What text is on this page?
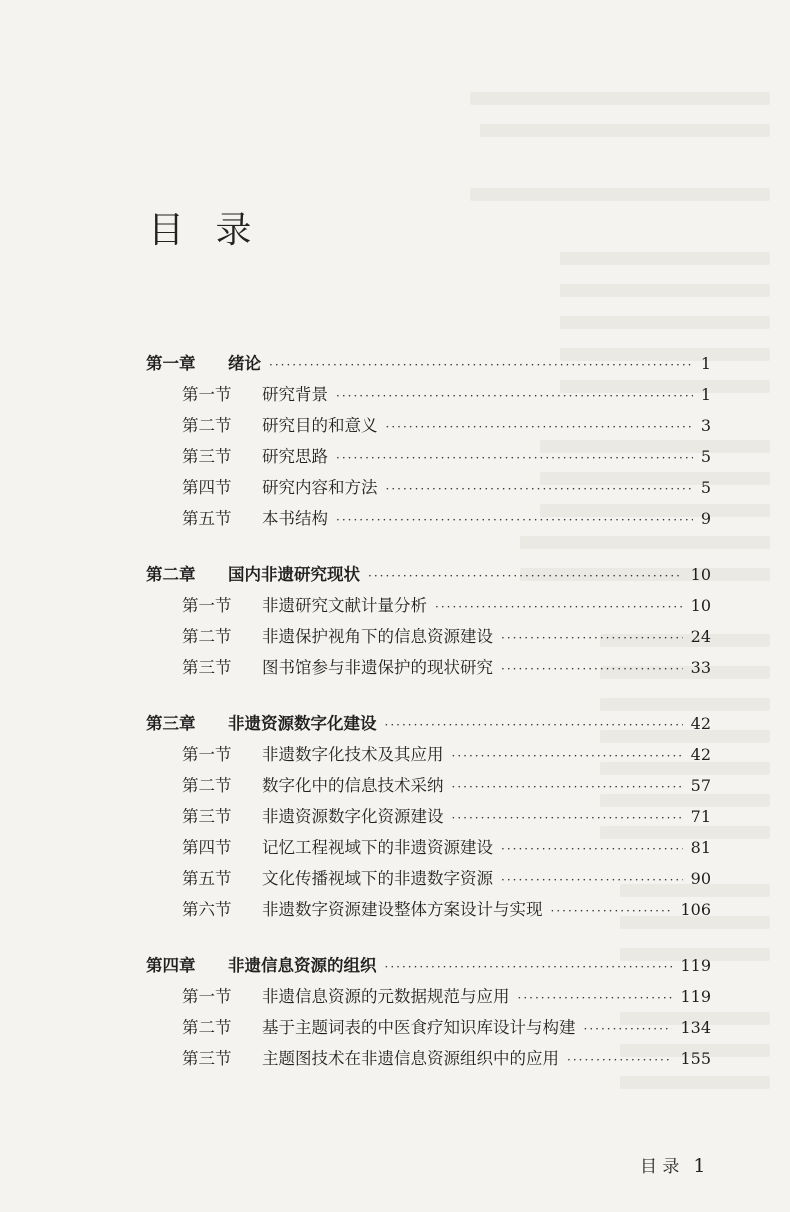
目 录
第一章	绪论 ·····	1
第一节	研究背景 ·····	1
第二节	研究目的和意义 ·····	3
第三节	研究思路 ·····	5
第四节	研究内容和方法 ·····	5
第五节	本书结构 ·····	9
第二章	国内非遗研究现状 ·····	10
第一节	非遗研究文献计量分析 ·····	10
第二节	非遗保护视角下的信息资源建设 ·····	24
第三节	图书馆参与非遗保护的现状研究 ·····	33
第三章	非遗资源数字化建设 ·····	42
第一节	非遗数字化技术及其应用 ·····	42
第二节	数字化中的信息技术采纳 ·····	57
第三节	非遗资源数字化资源建设 ·····	71
第四节	记忆工程视域下的非遗资源建设 ·····	81
第五节	文化传播视域下的非遗数字资源 ·····	90
第六节	非遗数字资源建设整体方案设计与实现 ·····	106
第四章	非遗信息资源的组织 ·····	119
第一节	非遗信息资源的元数据规范与应用 ·····	119
第二节	基于主题词表的中医食疗知识库设计与构建 ·····	134
第三节	主题图技术在非遗信息资源组织中的应用 ·····	155
目 录 1
